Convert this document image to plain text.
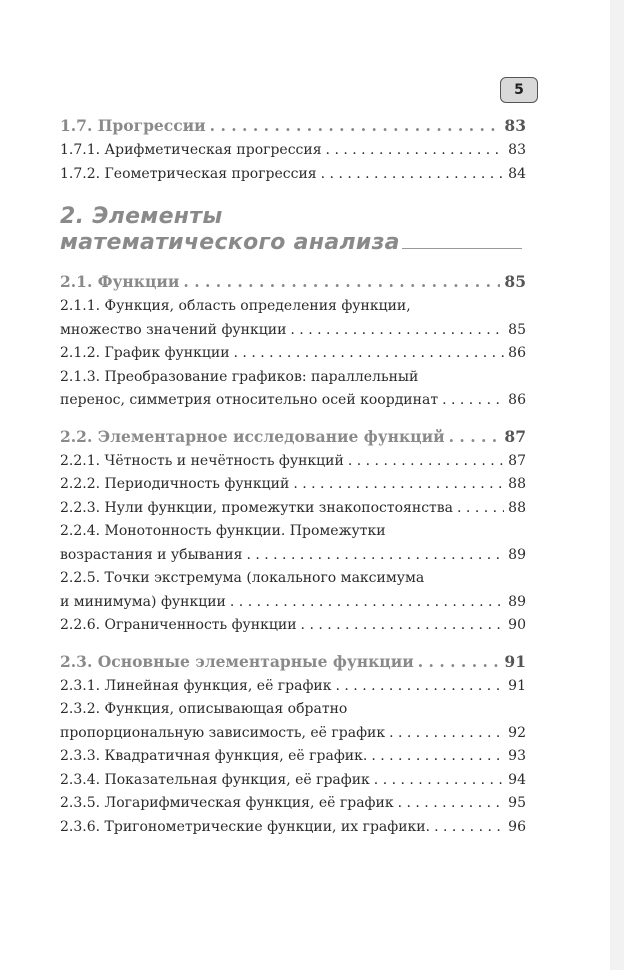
5
1.7. Прогрессии . . .	83
1.7.1. Арифметическая прогрессия . . .	83
1.7.2. Геометрическая прогрессия . . .	84
2. Элементы
математического анализа
2.1. Функции . . .	85
2.1.1. Функция, область определения функции,
множество значений функции . . .	85
2.1.2. График функции . . .	86
2.1.3. Преобразование графиков: параллельный
перенос, симметрия относительно осей координат . . .	86
2.2. Элементарное исследование функций . . .	87
2.2.1. Чётность и нечётность функций . . .	87
2.2.2. Периодичность функций . . .	88
2.2.3. Нули функции, промежутки знакопостоянства . . .	88
2.2.4. Монотонность функции. Промежутки
возрастания и убывания . . .	89
2.2.5. Точки экстремума (локального максимума
и минимума) функции . . .	89
2.2.6. Ограниченность функции . . .	90
2.3. Основные элементарные функции . . .	91
2.3.1. Линейная функция, её график . . .	91
2.3.2. Функция, описывающая обратно
пропорциональную зависимость, её график . . .	92
2.3.3. Квадратичная функция, её график. . . .	93
2.3.4. Показательная функция, её график . . .	94
2.3.5. Логарифмическая функция, её график . . .	95
2.3.6. Тригонометрические функции, их графики. . . .	96
